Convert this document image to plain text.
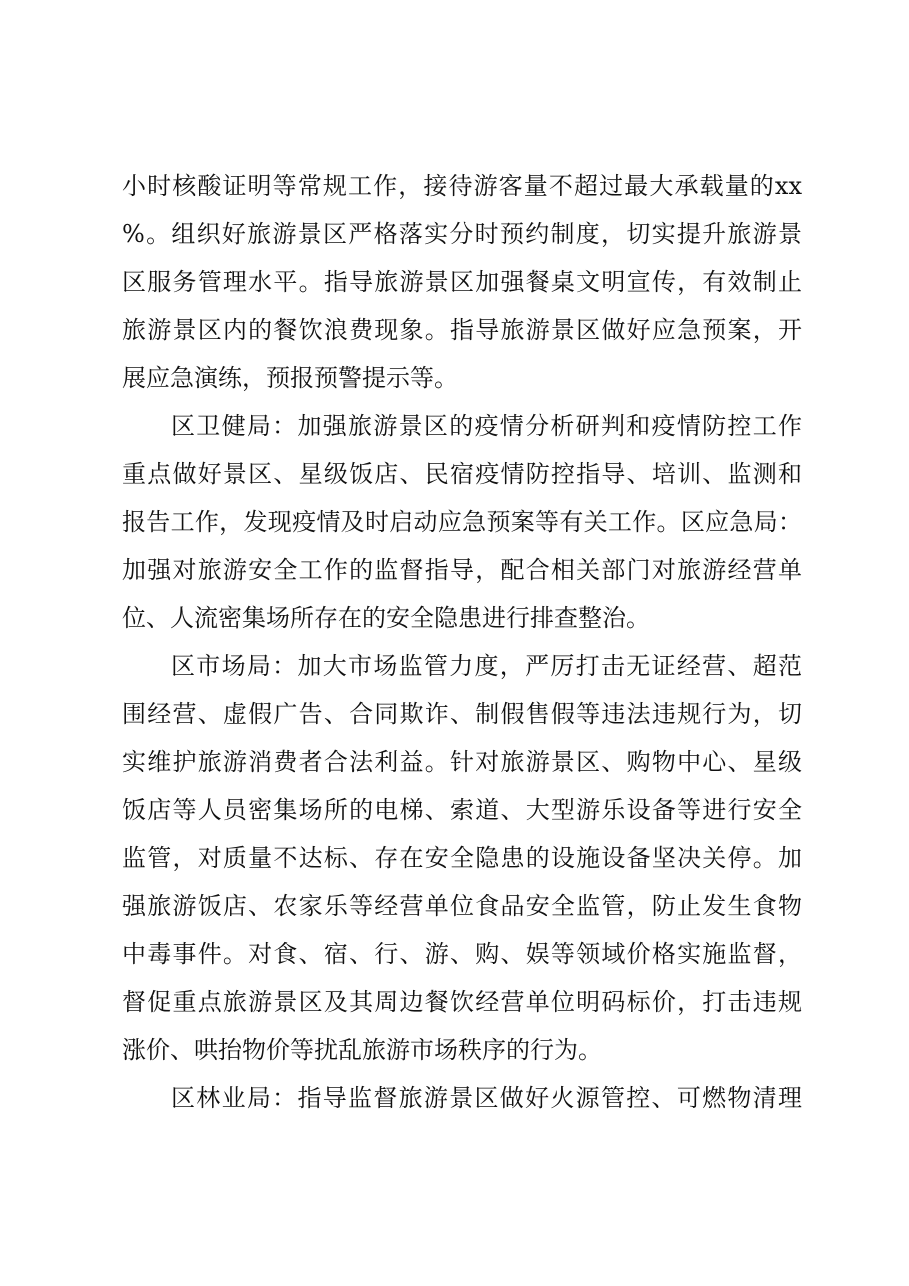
小时核酸证明等常规工作，接待游客量不超过最大承载量的xx
%。组织好旅游景区严格落实分时预约制度，切实提升旅游景
区服务管理水平。指导旅游景区加强餐桌文明宣传，有效制止
旅游景区内的餐饮浪费现象。指导旅游景区做好应急预案，开
展应急演练，预报预警提示等。
区卫健局：加强旅游景区的疫情分析研判和疫情防控工作
重点做好景区、星级饭店、民宿疫情防控指导、培训、监测和
报告工作，发现疫情及时启动应急预案等有关工作。区应急局：
加强对旅游安全工作的监督指导，配合相关部门对旅游经营单
位、人流密集场所存在的安全隐患进行排查整治。
区市场局：加大市场监管力度，严厉打击无证经营、超范
围经营、虚假广告、合同欺诈、制假售假等违法违规行为，切
实维护旅游消费者合法利益。针对旅游景区、购物中心、星级
饭店等人员密集场所的电梯、索道、大型游乐设备等进行安全
监管，对质量不达标、存在安全隐患的设施设备坚决关停。加
强旅游饭店、农家乐等经营单位食品安全监管，防止发生食物
中毒事件。对食、宿、行、游、购、娱等领域价格实施监督，
督促重点旅游景区及其周边餐饮经营单位明码标价，打击违规
涨价、哄抬物价等扰乱旅游市场秩序的行为。
区林业局：指导监督旅游景区做好火源管控、可燃物清理
